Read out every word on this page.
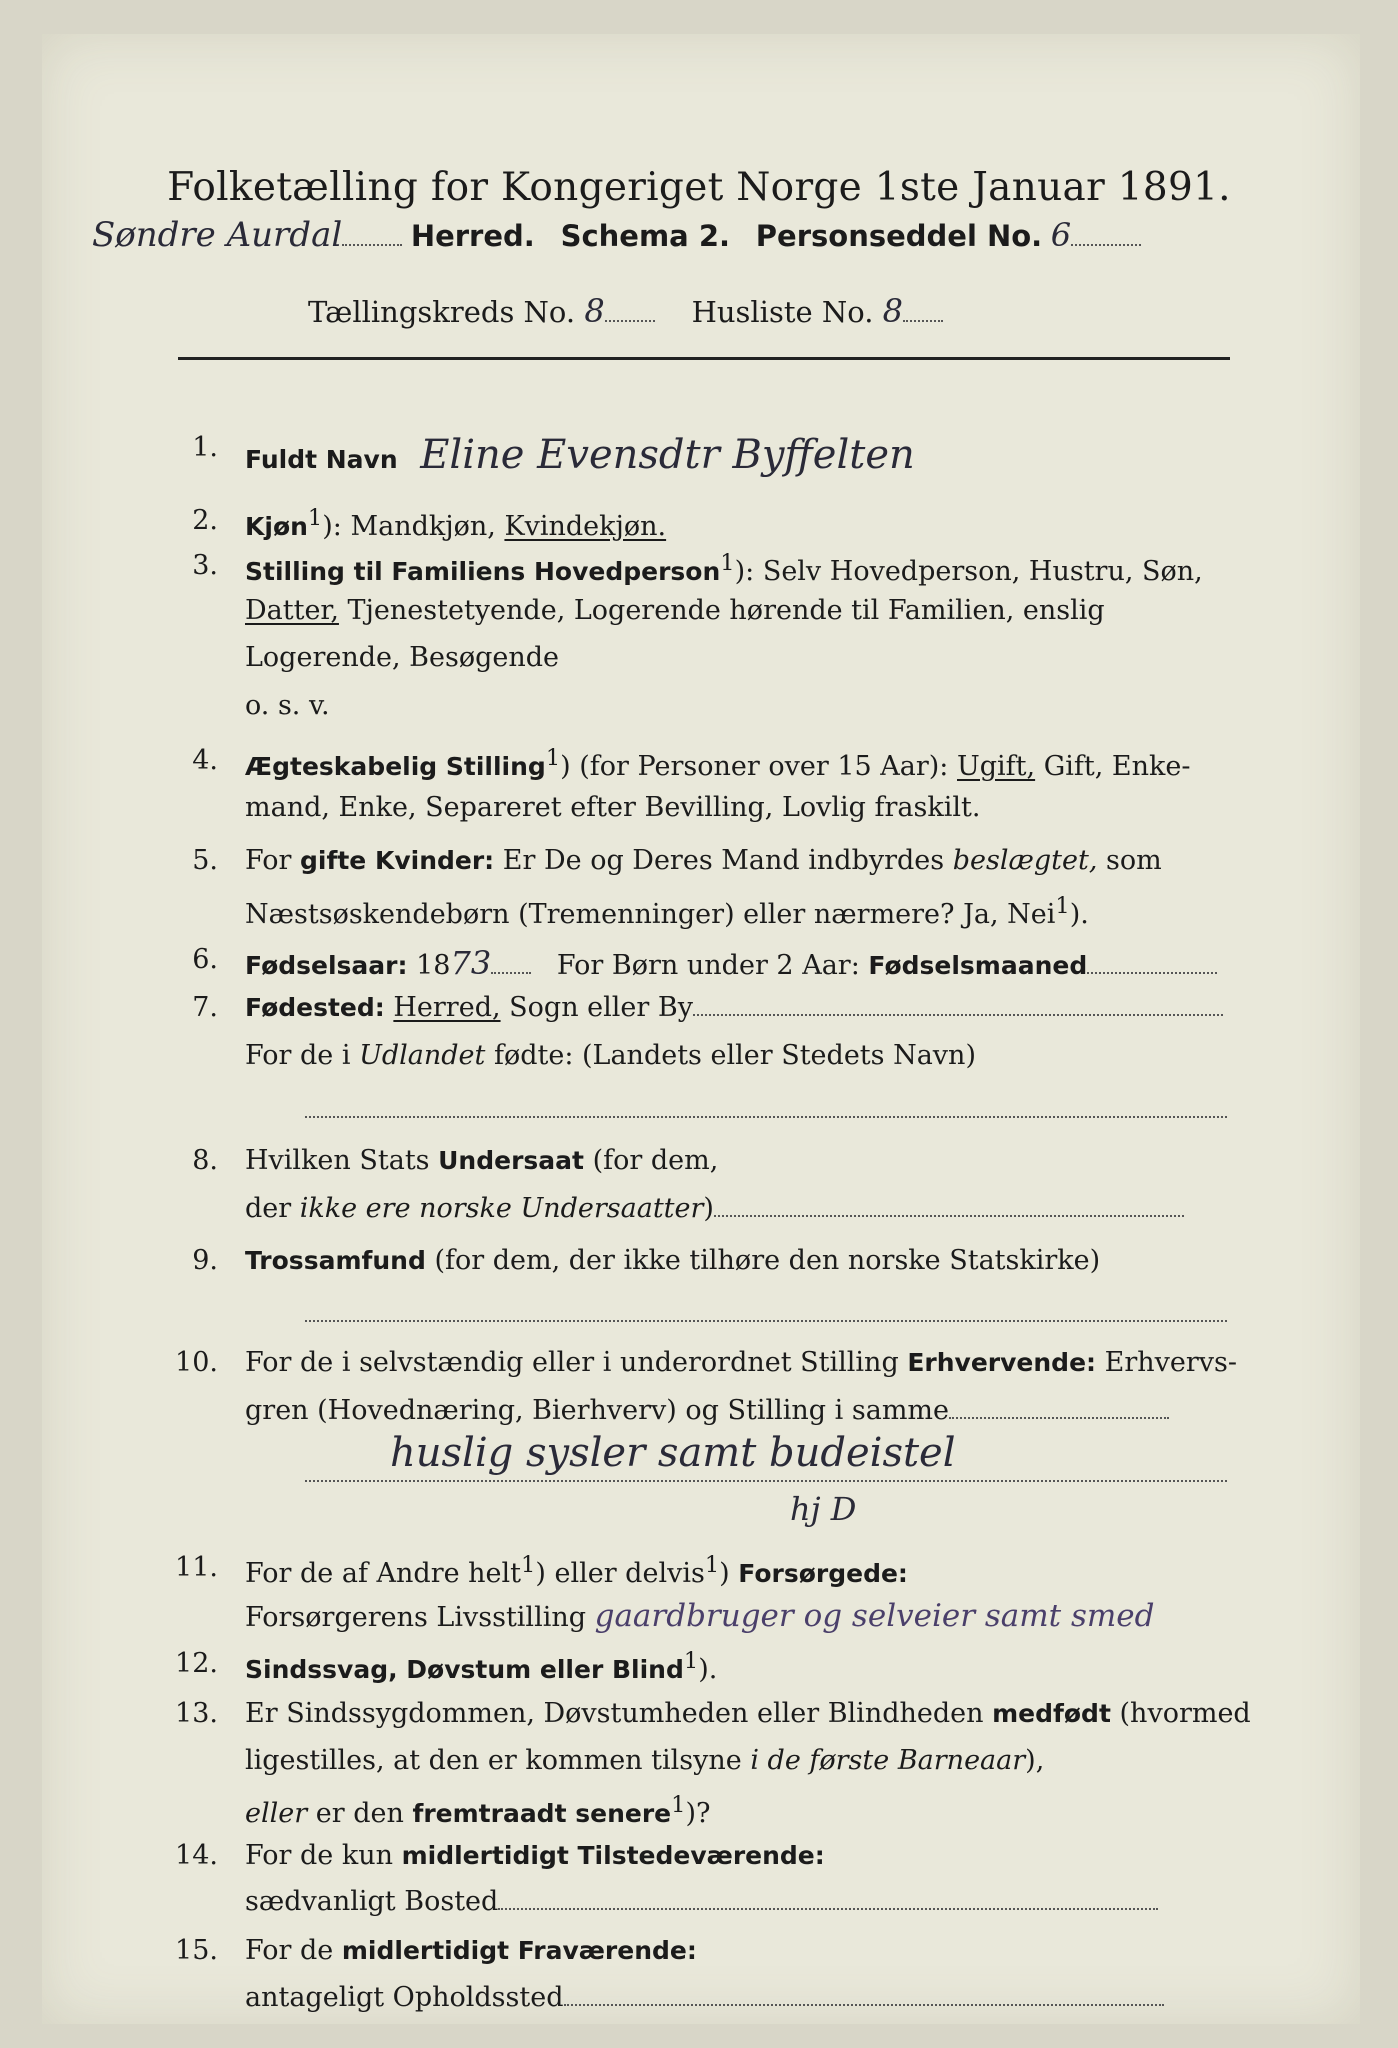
Folketælling for Kongeriget Norge 1ste Januar 1891.
Søndre Aurdal Herred. Schema 2. Personseddel No. 6
Tællingskreds No. 8	Husliste No. 8
1. Fuldt Navn Eline Evensdtr Byffelten
2. Kjøn$^1$): Mandkjøn, Kvindekjøn.
3. Stilling til Familiens Hovedperson$^1$): Selv Hovedperson, Hustru, Søn,
Datter, Tjenestetyende, Logerende hørende til Familien, enslig
Logerende, Besøgende
o. s. v.
4. Ægteskabelig Stilling$^1$) (for Personer over 15 Aar): Ugift, Gift, Enke-
mand, Enke, Separeret efter Bevilling, Lovlig fraskilt.
5. For gifte Kvinder: Er De og Deres Mand indbyrdes beslægtet, som
Næstsøskendebørn (Tremenninger) eller nærmere? Ja, Nei$^1$).
6. Fødselsaar: 1873 For Børn under 2 Aar: Fødselsmaaned
7. Fødested: Herred, Sogn eller By
For de i Udlandet fødte: (Landets eller Stedets Navn)
8. Hvilken Stats Undersaat (for dem,
der ikke ere norske Undersaatter)
9. Trossamfund (for dem, der ikke tilhøre den norske Statskirke)
10. For de i selvstændig eller i underordnet Stilling Erhvervende: Erhvervs-
gren (Hovednæring, Bierhverv) og Stilling i samme
huslig sysler samt budeistel
hj D
11. For de af Andre helt$^1$) eller delvis$^1$) Forsørgede:
Forsørgerens Livsstilling gaardbruger og selveier samt smed
12. Sindssvag, Døvstum eller Blind$^1$).
13. Er Sindssygdommen, Døvstumheden eller Blindheden medfødt (hvormed
ligestilles, at den er kommen tilsyne i de første Barneaar),
eller er den fremtraadt senere$^1$)?
14. For de kun midlertidigt Tilstedeværende:
sædvanligt Bosted
15. For de midlertidigt Fraværende:
antageligt Opholdssted
